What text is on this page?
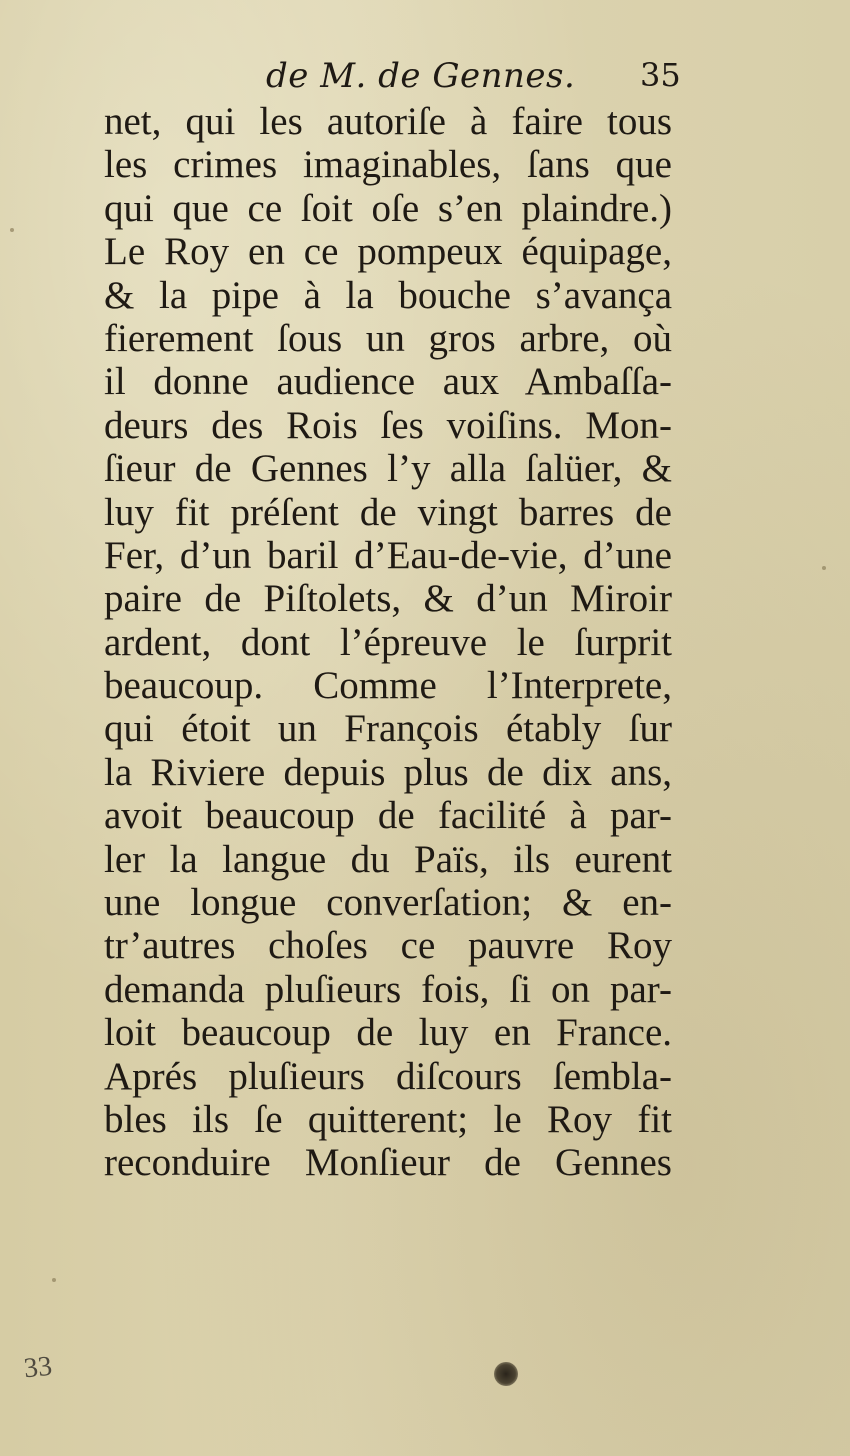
de M. de Gennes. 35
net, qui les autoriſe à faire tous
les crimes imaginables, ſans que
qui que ce ſoit oſe s’en plaindre.)
Le Roy en ce pompeux équipage,
& la pipe à la bouche s’avança
fierement ſous un gros arbre, où
il donne audience aux Ambaſſa-
deurs des Rois ſes voiſins. Mon-
ſieur de Gennes l’y alla ſalüer, &
luy fit préſent de vingt barres de
Fer, d’un baril d’Eau-de-vie, d’une
paire de Piſtolets, & d’un Miroir
ardent, dont l’épreuve le ſurprit
beaucoup. Comme l’Interprete,
qui étoit un François étably ſur
la Riviere depuis plus de dix ans,
avoit beaucoup de facilité à par-
ler la langue du Païs, ils eurent
une longue converſation; & en-
tr’autres choſes ce pauvre Roy
demanda pluſieurs fois, ſi on par-
loit beaucoup de luy en France.
Aprés pluſieurs diſcours ſembla-
bles ils ſe quitterent; le Roy fit
reconduire Monſieur de Gennes
33
